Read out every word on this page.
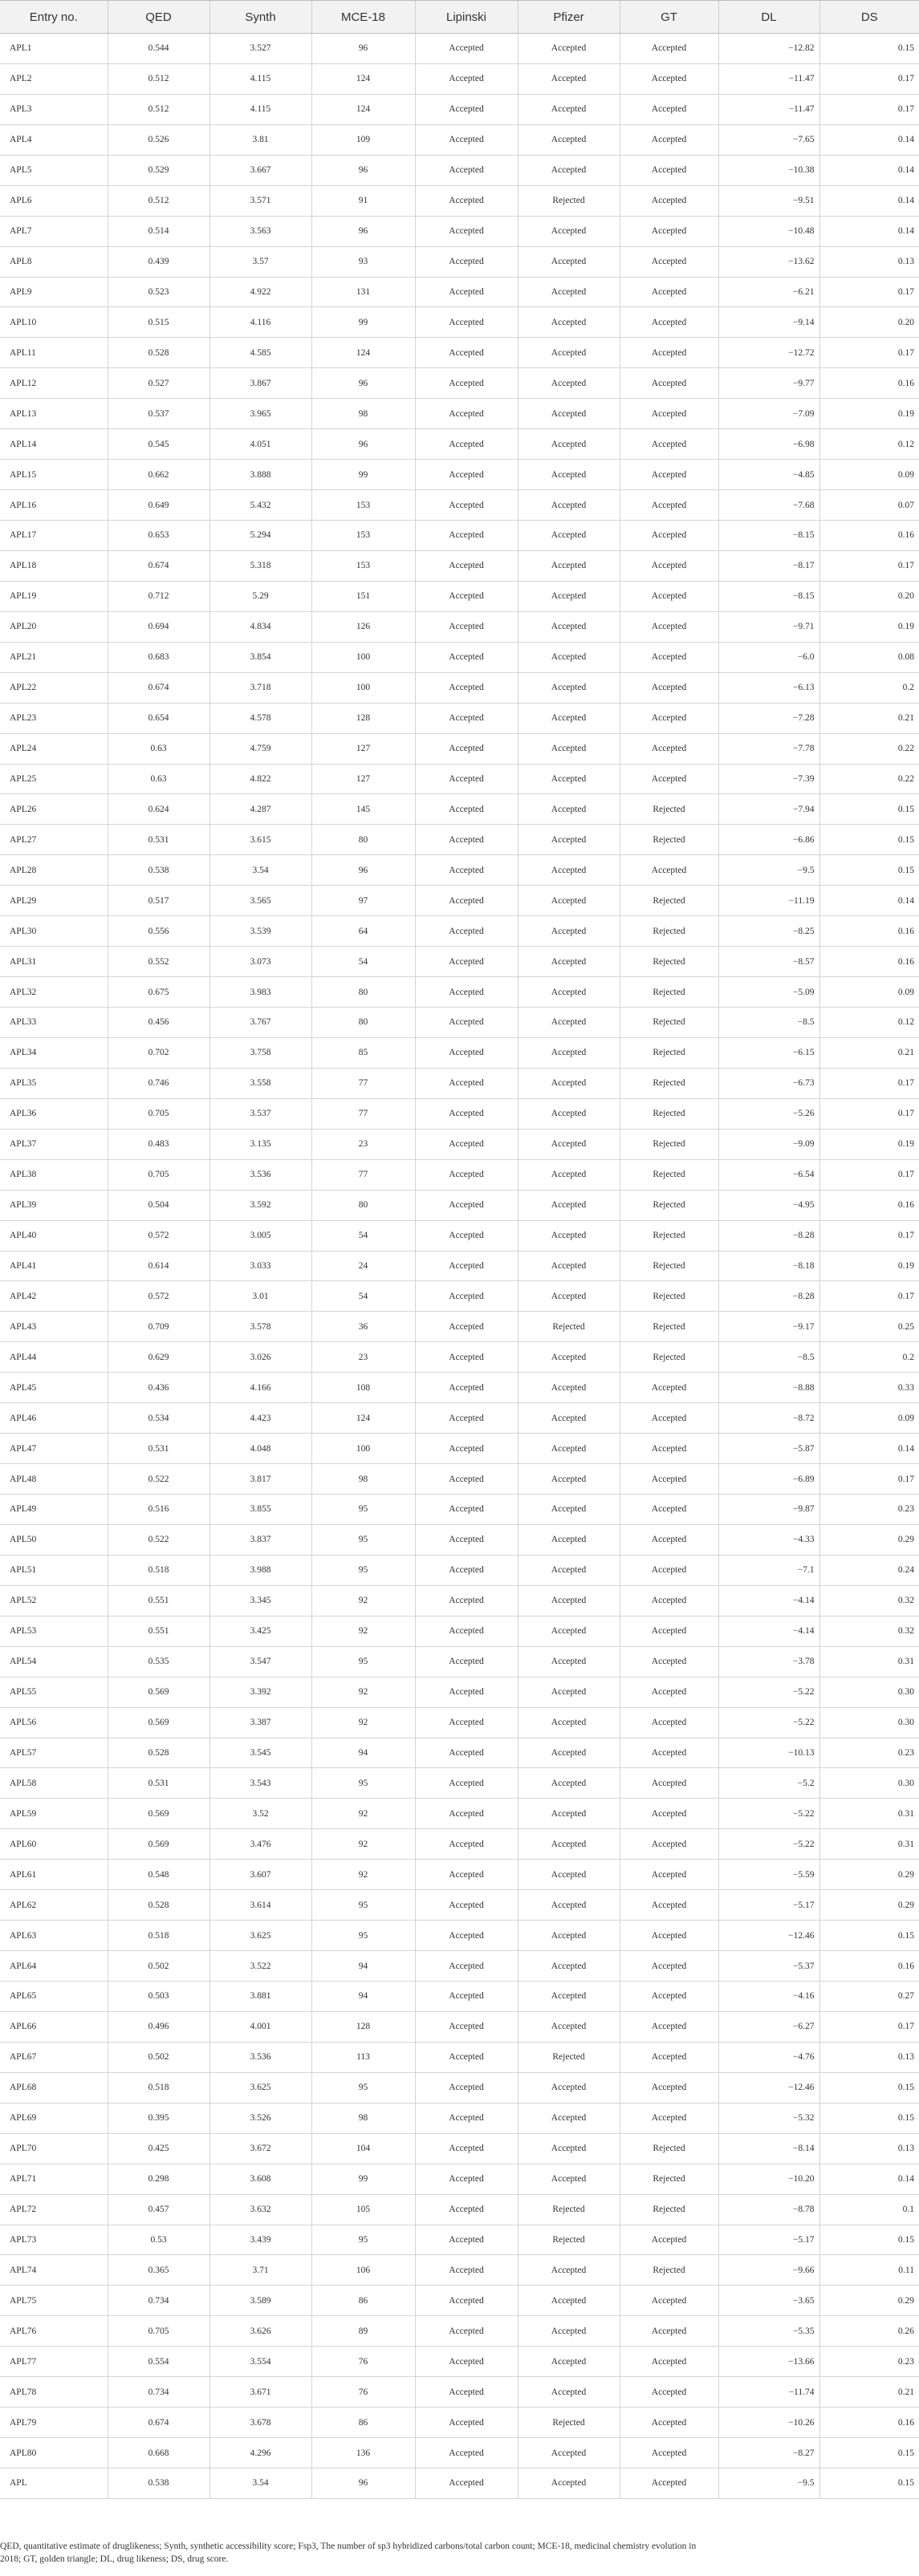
Entry no.	QED	Synth	MCE-18	Lipinski	Pfizer	GT	DL	DS
APL1	0.544	3.527	96	Accepted	Accepted	Accepted	−12.82	0.15
APL2	0.512	4.115	124	Accepted	Accepted	Accepted	−11.47	0.17
APL3	0.512	4.115	124	Accepted	Accepted	Accepted	−11.47	0.17
APL4	0.526	3.81	109	Accepted	Accepted	Accepted	−7.65	0.14
APL5	0.529	3.667	96	Accepted	Accepted	Accepted	−10.38	0.14
APL6	0.512	3.571	91	Accepted	Rejected	Accepted	−9.51	0.14
APL7	0.514	3.563	96	Accepted	Accepted	Accepted	−10.48	0.14
APL8	0.439	3.57	93	Accepted	Accepted	Accepted	−13.62	0.13
APL9	0.523	4.922	131	Accepted	Accepted	Accepted	−6.21	0.17
APL10	0.515	4.116	99	Accepted	Accepted	Accepted	−9.14	0.20
APL11	0.528	4.585	124	Accepted	Accepted	Accepted	−12.72	0.17
APL12	0.527	3.867	96	Accepted	Accepted	Accepted	−9.77	0.16
APL13	0.537	3.965	98	Accepted	Accepted	Accepted	−7.09	0.19
APL14	0.545	4.051	96	Accepted	Accepted	Accepted	−6.98	0.12
APL15	0.662	3.888	99	Accepted	Accepted	Accepted	−4.85	0.09
APL16	0.649	5.432	153	Accepted	Accepted	Accepted	−7.68	0.07
APL17	0.653	5.294	153	Accepted	Accepted	Accepted	−8.15	0.16
APL18	0.674	5.318	153	Accepted	Accepted	Accepted	−8.17	0.17
APL19	0.712	5.29	151	Accepted	Accepted	Accepted	−8.15	0.20
APL20	0.694	4.834	126	Accepted	Accepted	Accepted	−9.71	0.19
APL21	0.683	3.854	100	Accepted	Accepted	Accepted	−6.0	0.08
APL22	0.674	3.718	100	Accepted	Accepted	Accepted	−6.13	0.2
APL23	0.654	4.578	128	Accepted	Accepted	Accepted	−7.28	0.21
APL24	0.63	4.759	127	Accepted	Accepted	Accepted	−7.78	0.22
APL25	0.63	4.822	127	Accepted	Accepted	Accepted	−7.39	0.22
APL26	0.624	4.287	145	Accepted	Accepted	Rejected	−7.94	0.15
APL27	0.531	3.615	80	Accepted	Accepted	Rejected	−6.86	0.15
APL28	0.538	3.54	96	Accepted	Accepted	Accepted	−9.5	0.15
APL29	0.517	3.565	97	Accepted	Accepted	Rejected	−11.19	0.14
APL30	0.556	3.539	64	Accepted	Accepted	Rejected	−8.25	0.16
APL31	0.552	3.073	54	Accepted	Accepted	Rejected	−8.57	0.16
APL32	0.675	3.983	80	Accepted	Accepted	Rejected	−5.09	0.09
APL33	0.456	3.767	80	Accepted	Accepted	Rejected	−8.5	0.12
APL34	0.702	3.758	85	Accepted	Accepted	Rejected	−6.15	0.21
APL35	0.746	3.558	77	Accepted	Accepted	Rejected	−6.73	0.17
APL36	0.705	3.537	77	Accepted	Accepted	Rejected	−5.26	0.17
APL37	0.483	3.135	23	Accepted	Accepted	Rejected	−9.09	0.19
APL38	0.705	3.536	77	Accepted	Accepted	Rejected	−6.54	0.17
APL39	0.504	3.592	80	Accepted	Accepted	Rejected	−4.95	0.16
APL40	0.572	3.005	54	Accepted	Accepted	Rejected	−8.28	0.17
APL41	0.614	3.033	24	Accepted	Accepted	Rejected	−8.18	0.19
APL42	0.572	3.01	54	Accepted	Accepted	Rejected	−8.28	0.17
APL43	0.709	3.578	36	Accepted	Rejected	Rejected	−9.17	0.25
APL44	0.629	3.026	23	Accepted	Accepted	Rejected	−8.5	0.2
APL45	0.436	4.166	108	Accepted	Accepted	Accepted	−8.88	0.33
APL46	0.534	4.423	124	Accepted	Accepted	Accepted	−8.72	0.09
APL47	0.531	4.048	100	Accepted	Accepted	Accepted	−5.87	0.14
APL48	0.522	3.817	98	Accepted	Accepted	Accepted	−6.89	0.17
APL49	0.516	3.855	95	Accepted	Accepted	Accepted	−9.87	0.23
APL50	0.522	3.837	95	Accepted	Accepted	Accepted	−4.33	0.29
APL51	0.518	3.988	95	Accepted	Accepted	Accepted	−7.1	0.24
APL52	0.551	3.345	92	Accepted	Accepted	Accepted	−4.14	0.32
APL53	0.551	3.425	92	Accepted	Accepted	Accepted	−4.14	0.32
APL54	0.535	3.547	95	Accepted	Accepted	Accepted	−3.78	0.31
APL55	0.569	3.392	92	Accepted	Accepted	Accepted	−5.22	0.30
APL56	0.569	3.387	92	Accepted	Accepted	Accepted	−5.22	0.30
APL57	0.528	3.545	94	Accepted	Accepted	Accepted	−10.13	0.23
APL58	0.531	3.543	95	Accepted	Accepted	Accepted	−5.2	0.30
APL59	0.569	3.52	92	Accepted	Accepted	Accepted	−5.22	0.31
APL60	0.569	3.476	92	Accepted	Accepted	Accepted	−5.22	0.31
APL61	0.548	3.607	92	Accepted	Accepted	Accepted	−5.59	0.29
APL62	0.528	3.614	95	Accepted	Accepted	Accepted	−5.17	0.29
APL63	0.518	3.625	95	Accepted	Accepted	Accepted	−12.46	0.15
APL64	0.502	3.522	94	Accepted	Accepted	Accepted	−5.37	0.16
APL65	0.503	3.881	94	Accepted	Accepted	Accepted	−4.16	0.27
APL66	0.496	4.001	128	Accepted	Accepted	Accepted	−6.27	0.17
APL67	0.502	3.536	113	Accepted	Rejected	Accepted	−4.76	0.13
APL68	0.518	3.625	95	Accepted	Accepted	Accepted	−12.46	0.15
APL69	0.395	3.526	98	Accepted	Accepted	Accepted	−5.32	0.15
APL70	0.425	3.672	104	Accepted	Accepted	Rejected	−8.14	0.13
APL71	0.298	3.608	99	Accepted	Accepted	Rejected	−10.20	0.14
APL72	0.457	3.632	105	Accepted	Rejected	Rejected	−8.78	0.1
APL73	0.53	3.439	95	Accepted	Rejected	Accepted	−5.17	0.15
APL74	0.365	3.71	106	Accepted	Accepted	Rejected	−9.66	0.11
APL75	0.734	3.589	86	Accepted	Accepted	Accepted	−3.65	0.29
APL76	0.705	3.626	89	Accepted	Accepted	Accepted	−5.35	0.26
APL77	0.554	3.554	76	Accepted	Accepted	Accepted	−13.66	0.23
APL78	0.734	3.671	76	Accepted	Accepted	Accepted	−11.74	0.21
APL79	0.674	3.678	86	Accepted	Rejected	Accepted	−10.26	0.16
APL80	0.668	4.296	136	Accepted	Accepted	Accepted	−8.27	0.15
APL	0.538	3.54	96	Accepted	Accepted	Accepted	−9.5	0.15
QED, quantitative estimate of druglikeness; Synth, synthetic accessibility score; Fsp3, The number of sp3 hybridized carbons/total carbon count; MCE-18, medicinal chemistry evolution in
2018; GT, golden triangle; DL, drug likeness; DS, drug score.
